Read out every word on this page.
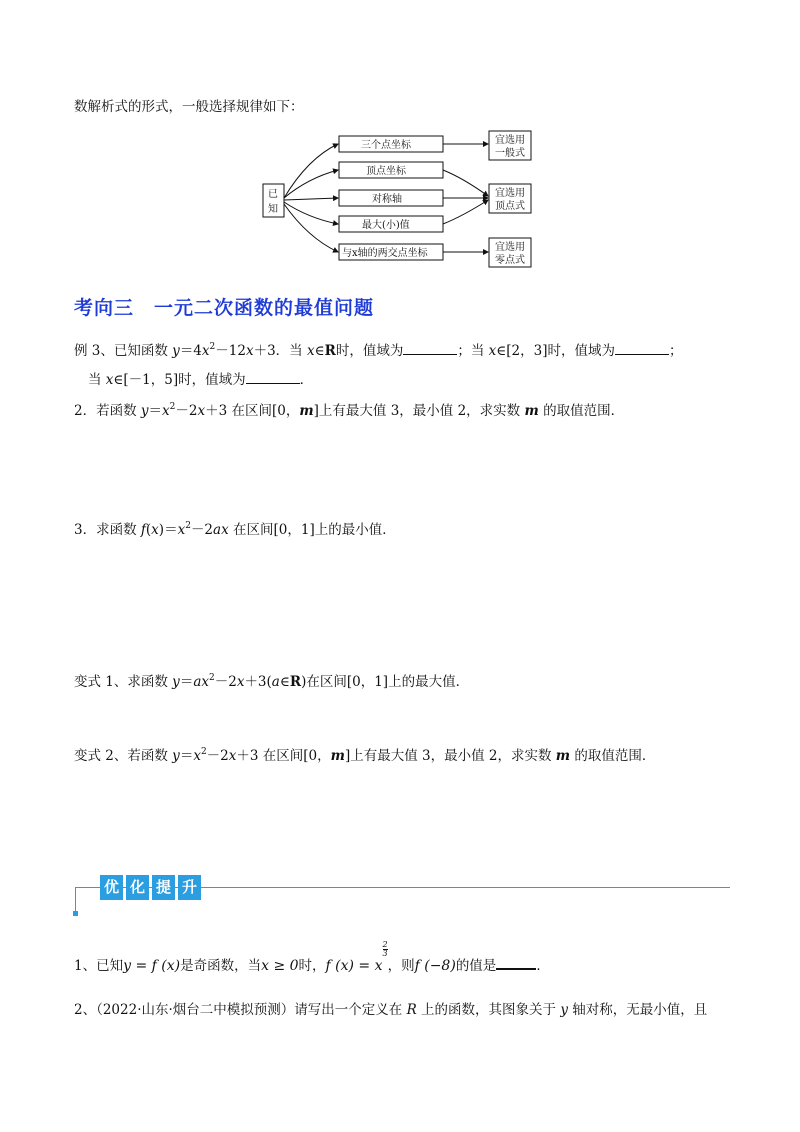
数解析式的形式，一般选择规律如下：
已
知
三个点坐标
顶点坐标
对称轴
最大(小)值
与x轴的两交点坐标
宜选用
一般式
宜选用
顶点式
宜选用
零点式
考向三　一元二次函数的最值问题
例 3、已知函数 $y=4x^2-12x+3$．当 x∈R时，值域为	；当 x∈[2，3]时，值域为	；
当 x∈[－1，5]时，值域为	．
2．若函数 $y=x^2-2x+3$ 在区间[0，m]上有最大值 3，最小值 2，求实数 m 的取值范围．
3．求函数 $f(x)=x^2-2ax$ 在区间[0，1]上的最小值．
变式 1、求函数 $y=ax^2-2x+3(a\in R)$在区间[0，1]上的最大值．
变式 2、若函数 $y=x^2-2x+3$ 在区间[0，m]上有最大值 3，最小值 2，求实数 m 的取值范围．
优 化 提 升
1、已知y = f (x)是奇函数，当x ≥ 0时，f (x) = x
$\frac{2}{3}$
，则f (−8)的值是	．
2、（2022·山东·烟台二中模拟预测）请写出一个定义在 R 上的函数，其图象关于 y 轴对称，无最小值，且
